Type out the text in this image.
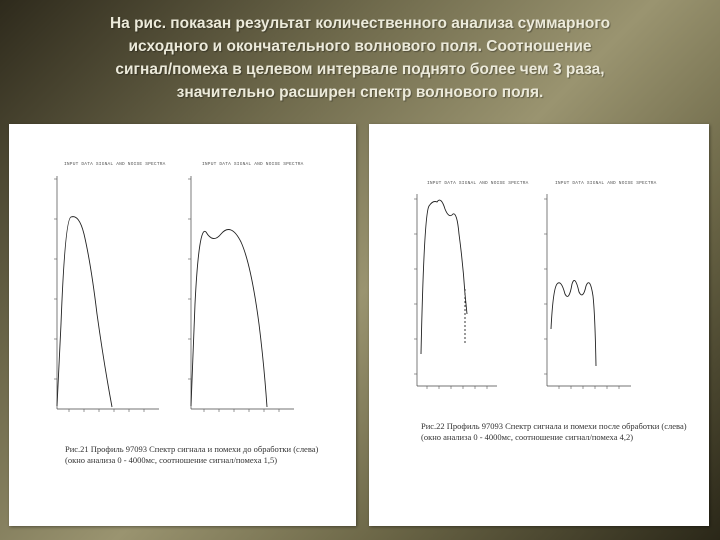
На рис. показан результат количественного анализа суммарного
исходного и окончательного волнового поля. Соотношение
сигнал/помеха в целевом интервале поднято более чем 3 раза,
значительно расширен спектр волнового поля.
INPUT DATA SIGNAL AND NOISE SPECTRA	INPUT DATA SIGNAL AND NOISE SPECTRA
Рис.21 Профиль 97093 Спектр сигнала и помехи до обработки (слева)
(окно анализа 0 - 4000мс, соотношение сигнал/помеха 1,5)
INPUT DATA SIGNAL AND NOISE SPECTRA	INPUT DATA SIGNAL AND NOISE SPECTRA
Рис.22 Профиль 97093 Спектр сигнала и помехи после обработки (слева)
(окно анализа 0 - 4000мс, соотношение сигнал/помеха 4,2)
